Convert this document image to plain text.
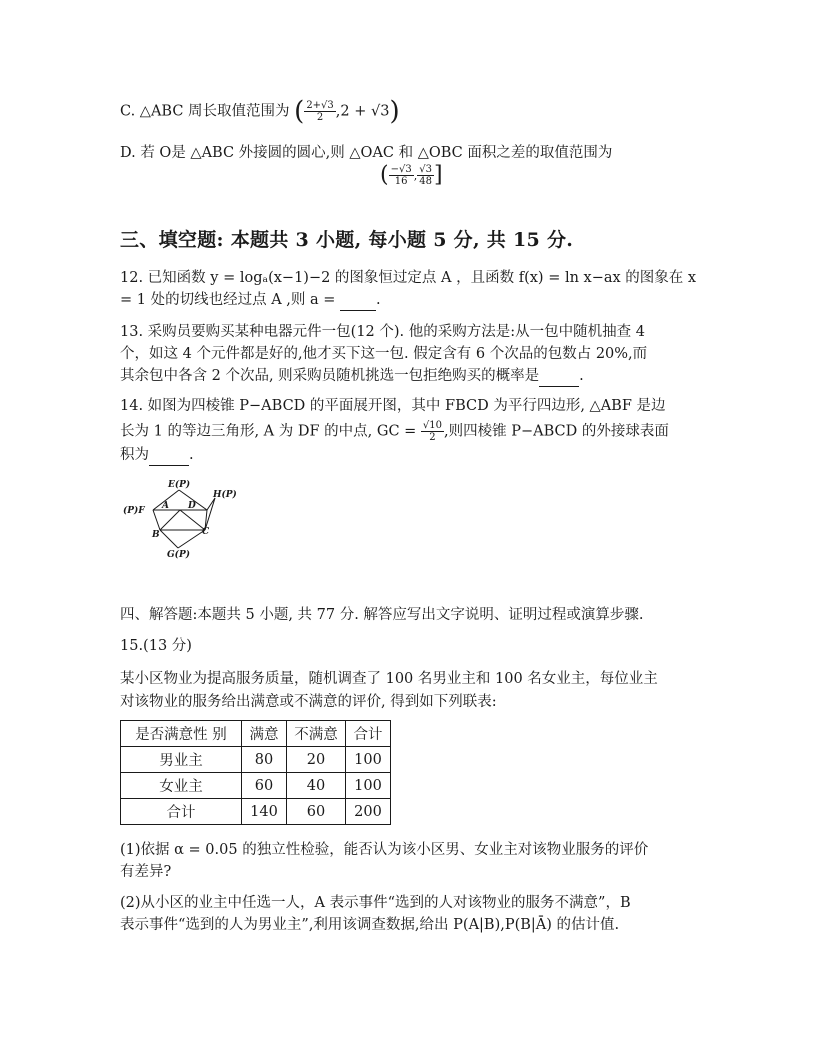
C. △ABC 周长取值范围为 ( $\frac{2+√3}{2} ,2 + √3$)
D. 若 O是 △ABC 外接圆的圆心,则 △OAC 和 △OBC 面积之差的取值范围为
( $\frac{-√3}{16}$ , $\frac{√3}{48}$ ]
三、填空题: 本题共 3 小题, 每小题 5 分, 共 15 分.
12. 已知函数 y = logₐ(x−1)−2 的图象恒过定点 A ，且函数 f(x) = ln x−ax 的图象在 x
= 1 处的切线也经过点 A ,则 a =  .
13. 采购员要购买某种电器元件一包(12 个). 他的采购方法是:从一包中随机抽查 4
个，如这 4 个元件都是好的,他才买下这一包. 假定含有 6 个次品的包数占 20%,而
其余包中各含 2 个次品, 则采购员随机挑选一包拒绝购买的概率是	.
14. 如图为四棱锥 P−ABCD 的平面展开图，其中 FBCD 为平行四边形, △ABF 是边
长为 1 的等边三角形, A 为 DF 的中点, GC = $\frac{√10}{2}$ ,则四棱锥 P−ABCD 的外接球表面
积为	.
E(P)
H(P)
(P)F A D
B	C
G(P)
四、解答题:本题共 5 小题, 共 77 分. 解答应写出文字说明、证明过程或演算步骤.
15.(13 分)
某小区物业为提高服务质量，随机调查了 100 名男业主和 100 名女业主，每位业主
对该物业的服务给出满意或不满意的评价, 得到如下列联表:
是否满意性 别	满意	不满意	合计
男业主	80	20	100
女业主	60	40	100
合计	140	60	200
(1)依据 α = 0.05 的独立性检验，能否认为该小区男、女业主对该物业服务的评价
有差异?
(2)从小区的业主中任选一人，A 表示事件“选到的人对该物业的服务不满意”，B
表示事件“选到的人为男业主”,利用该调查数据,给出 P(A|B),P(B|Ā) 的估计值.
